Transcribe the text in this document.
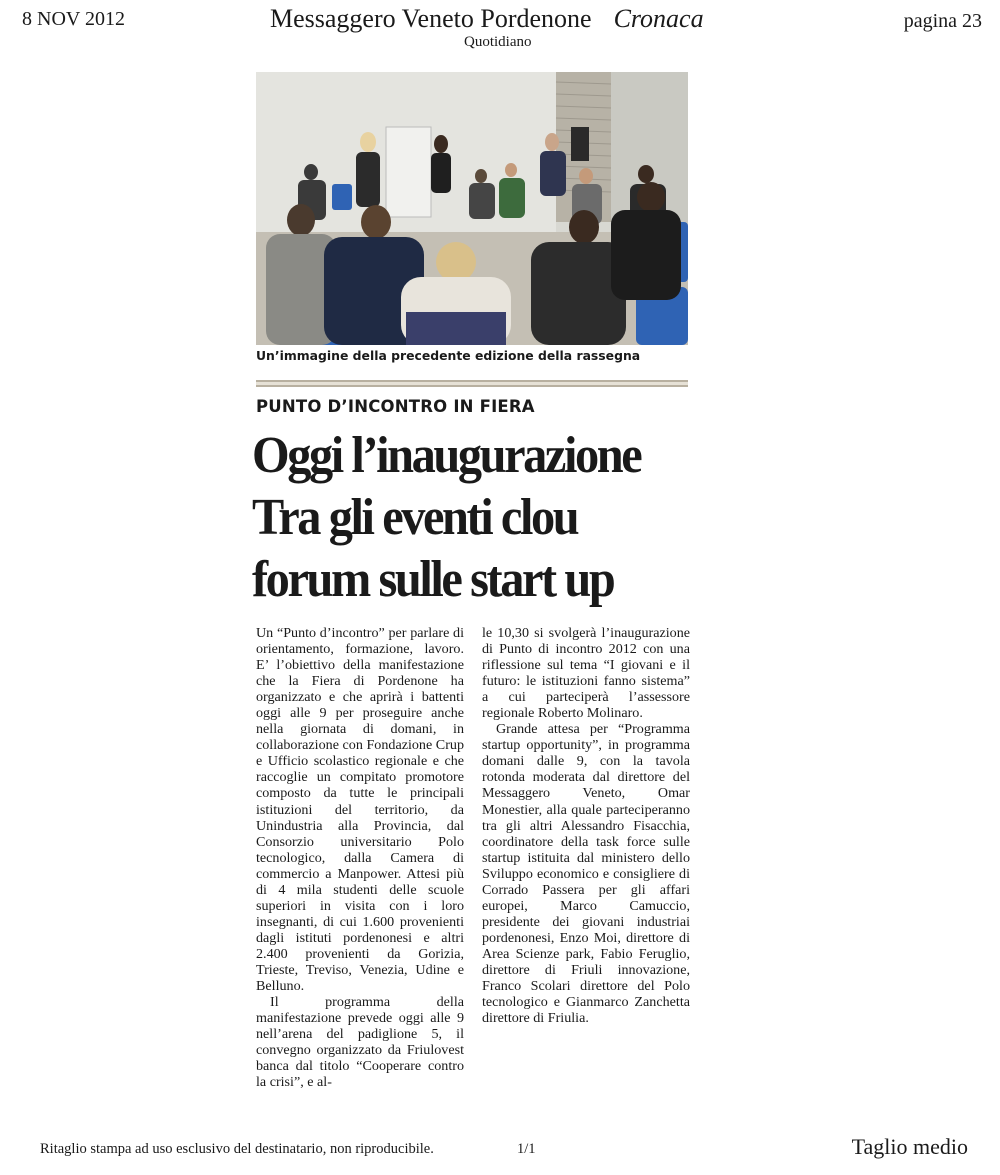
8 NOV 2012	Messaggero Veneto Pordenone Cronaca
Quotidiano
pagina 23
Un’immagine della precedente edizione della rassegna
PUNTO D’INCONTRO IN FIERA
Oggi l’inaugurazione
Tra gli eventi clou
forum sulle start up

Un “Punto d’incontro” per parlare di orientamento, formazione, lavoro. E’ l’obiettivo della manifestazione che la Fiera di Pordenone ha organizzato e che aprirà i battenti oggi alle 9 per proseguire anche nella giornata di domani, in collaborazione con Fondazione Crup e Ufficio scolastico regionale e che raccoglie un compitato promotore composto da tutte le principali istituzioni del territorio, da Unindustria alla Provincia, dal Consorzio universitario Polo tecnologico, dalla Camera di commercio a Manpower. Attesi più di 4 mila studenti delle scuole superiori in visita con i loro insegnanti, di cui 1.600 provenienti dagli istituti pordenonesi e altri 2.400 provenienti da Gorizia, Trieste, Treviso, Venezia, Udine e Belluno.

Il programma della manifestazione prevede oggi alle 9 nell’arena del padiglione 5, il convegno organizzato da Friulovest banca dal titolo “Cooperare contro la crisi”, e al-

le 10,30 si svolgerà l’inaugurazione di Punto di incontro 2012 con una riflessione sul tema “I giovani e il futuro: le istituzioni fanno sistema” a cui parteciperà l’assessore regionale Roberto Molinaro.

Grande attesa per “Programma startup opportunity”, in programma domani dalle 9, con la tavola rotonda moderata dal direttore del Messaggero Veneto, Omar Monestier, alla quale parteciperanno tra gli altri Alessandro Fisacchia, coordinatore della task force sulle startup istituita dal ministero dello Sviluppo economico e consigliere di Corrado Passera per gli affari europei, Marco Camuccio, presidente dei giovani industriai pordenonesi, Enzo Moi, direttore di Area Scienze park, Fabio Feruglio, direttore di Friuli innovazione, Franco Scolari direttore del Polo tecnologico e Gianmarco Zanchetta direttore di Friulia.

Ritaglio stampa ad uso esclusivo del destinatario, non riproducibile.	1/1	Taglio medio
